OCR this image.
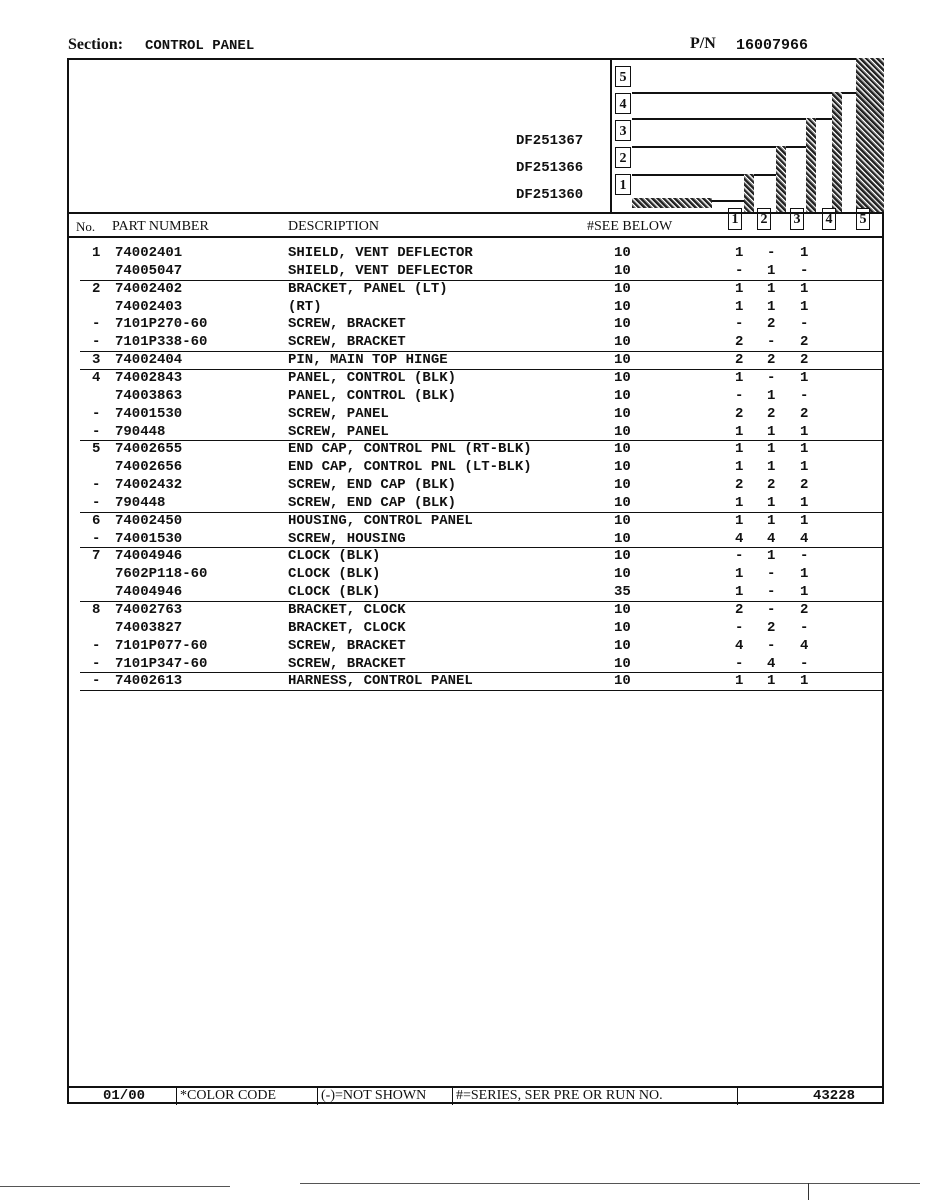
Section: CONTROL PANEL	P/N 16007966
5
4
3
2
1
DF251367
DF251366
DF251360
1 2 3 4 5
No. PART NUMBER	DESCRIPTION	#SEE BELOW
1 74002401	SHIELD, VENT DEFLECTOR	10	1 - 1
74005047	SHIELD, VENT DEFLECTOR	10	- 1 -
2 74002402	BRACKET, PANEL (LT)	10	1 1 1
74002403	(RT)	10	1 1 1
- 7101P270-60	SCREW, BRACKET	10	- 2 -
- 7101P338-60	SCREW, BRACKET	10	2 - 2
3 74002404	PIN, MAIN TOP HINGE	10	2 2 2
4 74002843	PANEL, CONTROL (BLK)	10	1 - 1
74003863	PANEL, CONTROL (BLK)	10	- 1 -
- 74001530	SCREW, PANEL	10	2 2 2
- 790448	SCREW, PANEL	10	1 1 1
5 74002655	END CAP, CONTROL PNL (RT-BLK)	10	1 1 1
74002656	END CAP, CONTROL PNL (LT-BLK)	10	1 1 1
- 74002432	SCREW, END CAP (BLK)	10	2 2 2
- 790448	SCREW, END CAP (BLK)	10	1 1 1
6 74002450	HOUSING, CONTROL PANEL	10	1 1 1
- 74001530	SCREW, HOUSING	10	4 4 4
7 74004946	CLOCK (BLK)	10	- 1 -
7602P118-60	CLOCK (BLK)	10	1 - 1
74004946	CLOCK (BLK)	35	1 - 1
8 74002763	BRACKET, CLOCK	10	2 - 2
74003827	BRACKET, CLOCK	10	- 2 -
- 7101P077-60	SCREW, BRACKET	10	4 - 4
- 7101P347-60	SCREW, BRACKET	10	- 4 -
- 74002613	HARNESS, CONTROL PANEL	10	1 1 1
01/00 *COLOR CODE	(-)=NOT SHOWN #=SERIES, SER PRE OR RUN NO.	43228
